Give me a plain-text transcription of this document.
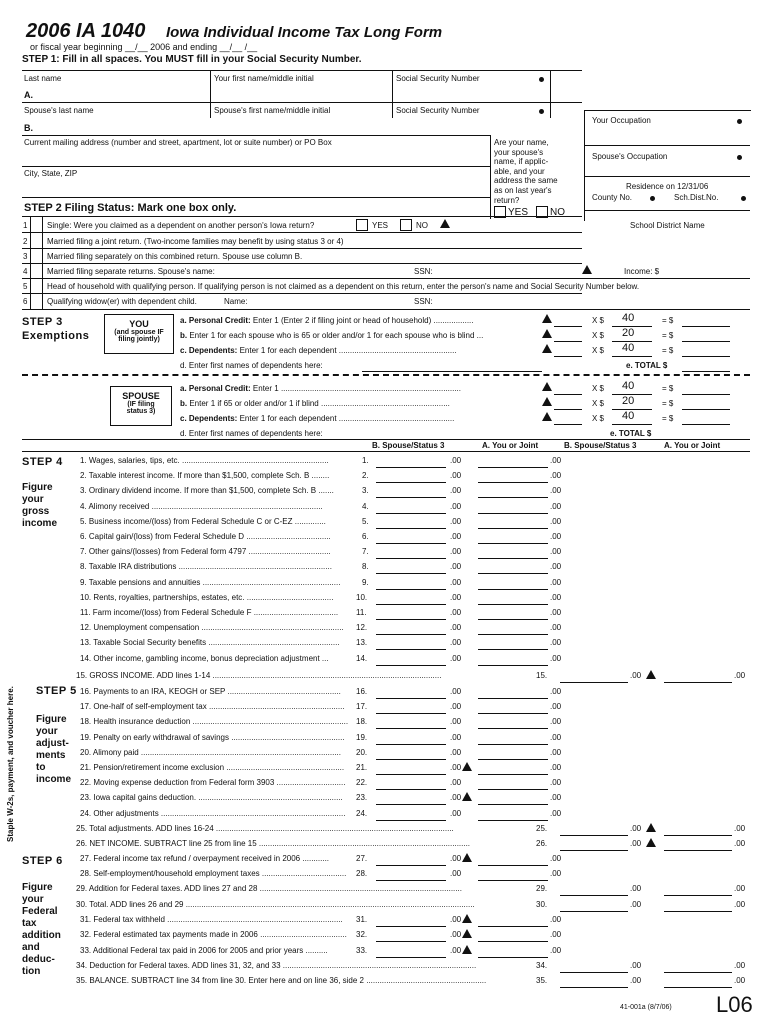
2006 IA 1040 Iowa Individual Income Tax Long Form
or fiscal year beginning __/__ 2006 and ending __/__ /__
STEP 1: Fill in all spaces. You MUST fill in your Social Security Number.
Last name	Your first name/middle initial	Social Security Number
A.
Spouse's last name	Spouse's first name/middle initial	Social Security Number
B.
Current mailing address (number and street, apartment, lot or suite number) or PO Box
City, State, ZIP
Are your name,
your spouse's
name, if applic-
able, and your
address the same
as on last year's
return?
YES NO
Your Occupation
Spouse's Occupation
Residence on 12/31/06
County No.	Sch.Dist.No.
School District Name
STEP 2 Filing Status: Mark one box only.
1 Single: Were you claimed as a dependent on another person's Iowa return?	YES	NO
2 Married filing a joint return. (Two-income families may benefit by using status 3 or 4)
3 Married filing separately on this combined return. Spouse use column B.
4 Married filing separate returns. Spouse's name:	SSN:	Income: $
5 Head of household with qualifying person. If qualifying person is not claimed as a dependent on this return, enter the person's name and Social Security Number below.
6 Qualifying widow(er) with dependent child.	Name:	SSN:
STEP 3
Exemptions
YOU
(and spouse IF
filing jointly)
a. Personal Credit: Enter 1 (Enter 2 if filing joint or head of household) ..................	X $ 40	= $
b. Enter 1 for each spouse who is 65 or older and/or 1 for each spouse who is blind ...	X $ 20	= $
c. Dependents: Enter 1 for each dependent .....................................................	X $ 40	= $
d. Enter first names of dependents here:	e. TOTAL $
SPOUSE
(IF filing
status 3)
a. Personal Credit: Enter 1 .................................................................................	X $ 40	= $
b. Enter 1 if 65 or older and/or 1 if blind ..........................................................	X $ 20	= $
c. Dependents: Enter 1 for each dependent ....................................................	X $ 40	= $
d. Enter first names of dependents here:	e. TOTAL $
B. Spouse/Status 3	A. You or Joint	B. Spouse/Status 3	A. You or Joint
STEP 4
Figure
your
gross
income
STEP 5
Figure
your
adjust-
ments
to
income
STEP 6
Figure
your
Federal
tax
addition
and
deduc-
tion
Staple W-2s, payment, and voucher here.
1. Wages, salaries, tips, etc. ..................................................................	1.	.00	.00
2. Taxable interest income. If more than $1,500, complete Sch. B ........	2.	.00	.00
3. Ordinary dividend income. If more than $1,500, complete Sch. B .......	3.	.00	.00
4. Alimony received .............................................................................	4.	.00	.00
5. Business income/(loss) from Federal Schedule C or C-EZ ..............	5.	.00	.00
6. Capital gain/(loss) from Federal Schedule D ......................................	6.	.00	.00
7. Other gains/(losses) from Federal form 4797 .....................................	7.	.00	.00
8. Taxable IRA distributions .....................................................................	8.	.00	.00
9. Taxable pensions and annuities ..............................................................	9.	.00	.00
10. Rents, royalties, partnerships, estates, etc. .......................................	10.	.00	.00
11. Farm income/(loss) from Federal Schedule F ......................................	11.	.00	.00
12. Unemployment compensation ................................................................	12.	.00	.00
13. Taxable Social Security benefits ...........................................................	13.	.00	.00
14. Other income, gambling income, bonus depreciation adjustment ...	14.	.00	.00
15. GROSS INCOME. ADD lines 1-14 .......................................................................................................	15.	.00	.00
16. Payments to an IRA, KEOGH or SEP ...................................................	16.	.00	.00
17. One-half of self-employment tax .............................................................	17.	.00	.00
18. Health insurance deduction ...................................................................... 18.	.00	.00
19. Penalty on early withdrawal of savings ...................................................	19.	.00	.00
20. Alimony paid ..........................................................................................	20.	.00	.00
21. Pension/retirement income exclusion .....................................................	21.	.00	.00
22. Moving expense deduction from Federal form 3903 ...............................	22.	.00	.00
23. Iowa capital gains deduction. .................................................................	23.	.00	.00
24. Other adjustments ...................................................................................	24.	.00	.00
25. Total adjustments. ADD lines 16-24 ...........................................................................................................	25.	.00	.00
26. NET INCOME. SUBTRACT line 25 from line 15 ...............................................................................................	26.	.00	.00
27. Federal income tax refund / overpayment received in 2006 ............	27.	.00	.00
28. Self-employment/household employment taxes ......................................	28.	.00	.00
29. Addition for Federal taxes. ADD lines 27 and 28 ...........................................................................................	29.	.00	.00
30. Total. ADD lines 26 and 29 ..................................................................................................................................	30.	.00	.00
31. Federal tax withheld ...............................................................................	31.	.00	.00
32. Federal estimated tax payments made in 2006 .......................................	32.	.00	.00
33. Additional Federal tax paid in 2006 for 2005 and prior years ..........	33.	.00	.00
34. Deduction for Federal taxes. ADD lines 31, 32, and 33 .......................................................................................	34.	.00	.00
35. BALANCE. SUBTRACT line 34 from line 30. Enter here and on line 36, side 2 ......................................................	35.	.00	.00
41-001a (8/7/06) L06
